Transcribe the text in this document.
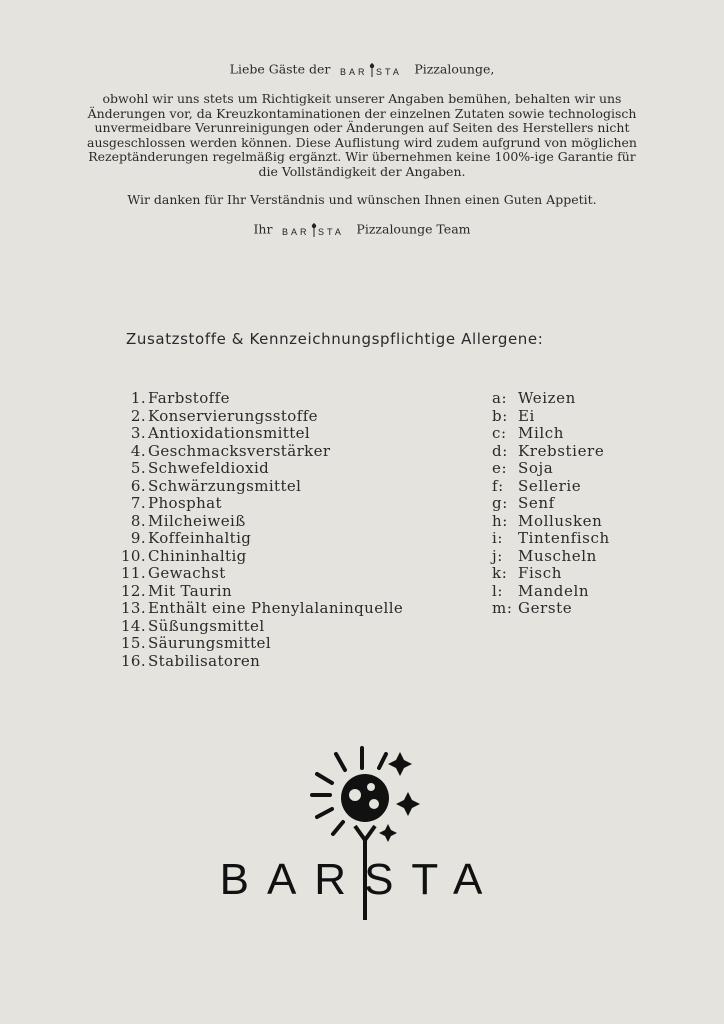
Liebe Gäste der BAR STA Pizzalounge,

obwohl wir uns stets um Richtigkeit unserer Angaben bemühen, behalten wir uns

Änderungen vor, da Kreuzkontaminationen der einzelnen Zutaten sowie technologisch

unvermeidbare Verunreinigungen oder Änderungen auf Seiten des Herstellers nicht

ausgeschlossen werden können. Diese Auflistung wird zudem aufgrund von möglichen

Rezeptänderungen regelmäßig ergänzt. Wir übernehmen keine 100%-ige Garantie für

die Vollständigkeit der Angaben.

Wir danken für Ihr Verständnis und wünschen Ihnen einen Guten Appetit.

Ihr BAR STA Pizzalounge Team

Zusatzstoffe & Kennzeichnungspflichtige Allergene:
1. Farbstoffe
2. Konservierungsstoffe
3. Antioxidationsmittel
4. Geschmacksverstärker
5. Schwefeldioxid
6. Schwärzungsmittel
7. Phosphat
8. Milcheiweiß
9. Koffeinhaltig
10. Chininhaltig
11. Gewachst
12. Mit Taurin
13. Enthält eine Phenylalaninquelle
14. Süßungsmittel
15. Säurungsmittel
16. Stabilisatoren
a: Weizen
b: Ei
c: Milch
d: Krebstiere
e: Soja
f: Sellerie
g: Senf
h: Mollusken
i: Tintenfisch
j:	Muscheln
k: Fisch
l: Mandeln
m: Gerste
BAR STA
